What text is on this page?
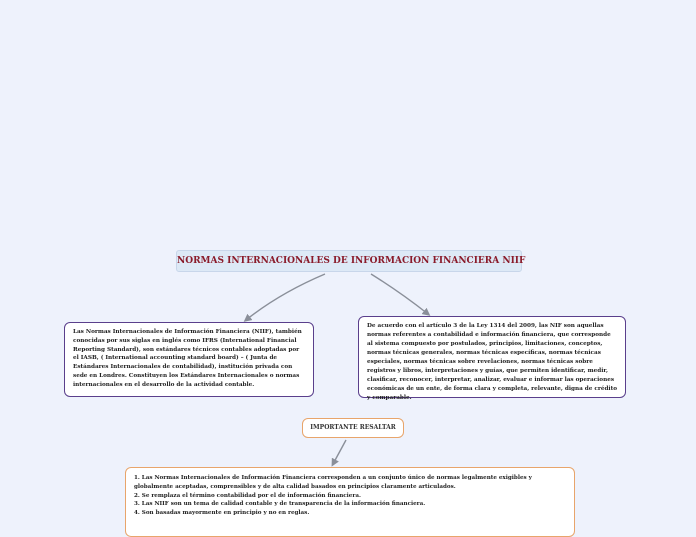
NORMAS INTERNACIONALES DE INFORMACION FINANCIERA NIIF
Las Normas Internacionales de Información Financiera (NIIF), también conocidas por sus siglas en inglés como IFRS (International Financial Reporting Standard), son estándares técnicos contables adoptadas por el IASB, ( International accounting standard board) – ( Junta de Estándares Internacionales de contabilidad), institución privada con sede en Londres. Constituyen los Estándares Internacionales o normas internacionales en el desarrollo de la actividad contable.
De acuerdo con el artículo 3 de la Ley 1314 del 2009, las NIF son aquellas normas referentes a contabilidad e información financiera, que corresponde al sistema compuesto por postulados, principios, limitaciones, conceptos, normas técnicas generales, normas técnicas específicas, normas técnicas especiales, normas técnicas sobre revelaciones, normas técnicas sobre registros y libros, interpretaciones y guías, que permiten identificar, medir, clasificar, reconocer, interpretar, analizar, evaluar e informar las operaciones económicas de un ente, de forma clara y completa, relevante, digna de crédito y comparable.
IMPORTANTE RESALTAR
1. Las Normas Internacionales de Información Financiera corresponden a un conjunto único de normas legalmente exigibles y globalmente aceptadas, comprensibles y de alta calidad basados en principios claramente articulados.
2. Se remplaza el término contabilidad por el de información financiera.
3. Las NIIF son un tema de calidad contable y de transparencia de la información financiera.
4. Son basadas mayormente en principio y no en reglas.
